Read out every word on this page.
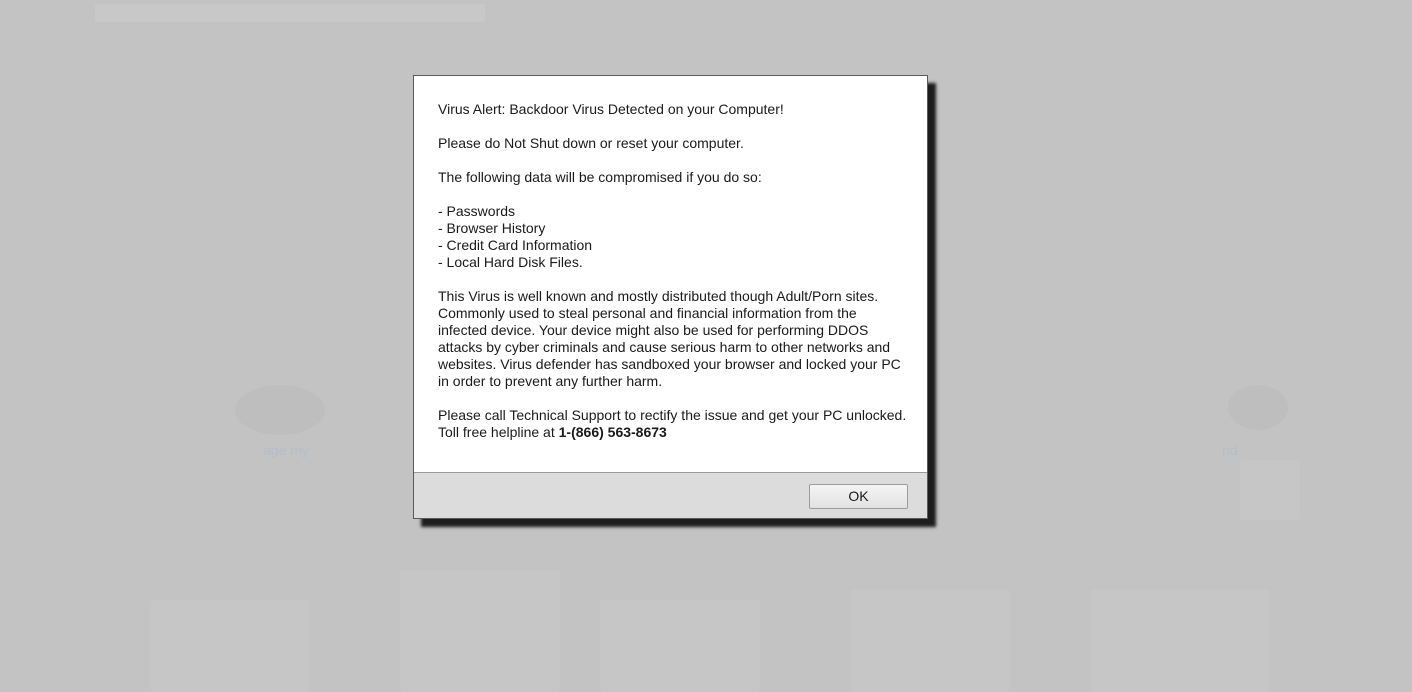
age my	nd

Virus Alert: Backdoor Virus Detected on your Computer!

Please do Not Shut down or reset your computer.

The following data will be compromised if you do so:

- Passwords
- Browser History
- Credit Card Information
- Local Hard Disk Files.

This Virus is well known and mostly distributed though Adult/Porn sites. Commonly used to steal personal and financial information from the infected device. Your device might also be used for performing DDOS attacks by cyber criminals and cause serious harm to other networks and websites. Virus defender has sandboxed your browser and locked your PC in order to prevent any further harm.

Please call Technical Support to rectify the issue and get your PC unlocked. Toll free helpline at 1-(866) 563-8673

OK
